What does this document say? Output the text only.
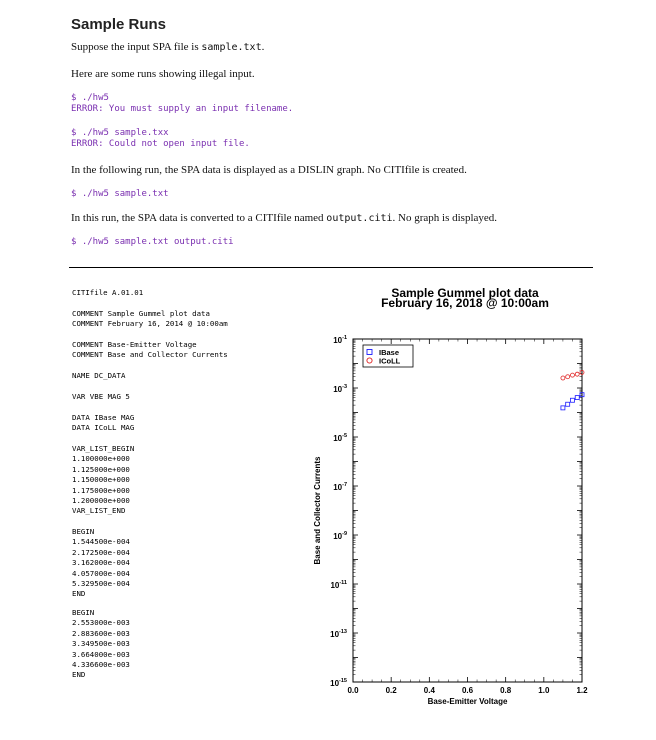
Sample Runs
Suppose the input SPA file is sample.txt.
Here are some runs showing illegal input.
$ ./hw5
ERROR: You must supply an input filename.
$ ./hw5 sample.txx
ERROR: Could not open input file.
In the following run, the SPA data is displayed as a DISLIN graph. No CITIfile is created.
$ ./hw5 sample.txt
In this run, the SPA data is converted to a CITIfile named output.citi. No graph is displayed.
$ ./hw5 sample.txt output.citi
CITIfile A.01.01
COMMENT Sample Gummel plot data
COMMENT February 16, 2014 @ 10:00am
COMMENT Base-Emitter Voltage
COMMENT Base and Collector Currents
NAME DC_DATA
VAR VBE MAG 5
DATA IBase MAG
DATA ICoLL MAG
VAR_LIST_BEGIN
1.100000e+000
1.125000e+000
1.150000e+000
1.175000e+000
1.200000e+000
VAR_LIST_END
BEGIN
1.544500e-004
2.172500e-004
3.162000e-004
4.057000e-004
5.329500e-004
END
BEGIN
2.553000e-003
2.883600e-003
3.349500e-003
3.664000e-003
4.336600e-003
END
Sample Gummel plot data
February 16, 2018 @ 10:00am
$10^{-1}$
$10^{-3}$
$10^{-5}$
$10^{-7}$
$10^{-9}$
$10^{-11}$
$10^{-13}$
$10^{-15}$
0.0	0.2	0.4	0.6	0.8	1.0	1.2
Base-Emitter Voltage
Base and Collector Currents
IBase
ICoLL
